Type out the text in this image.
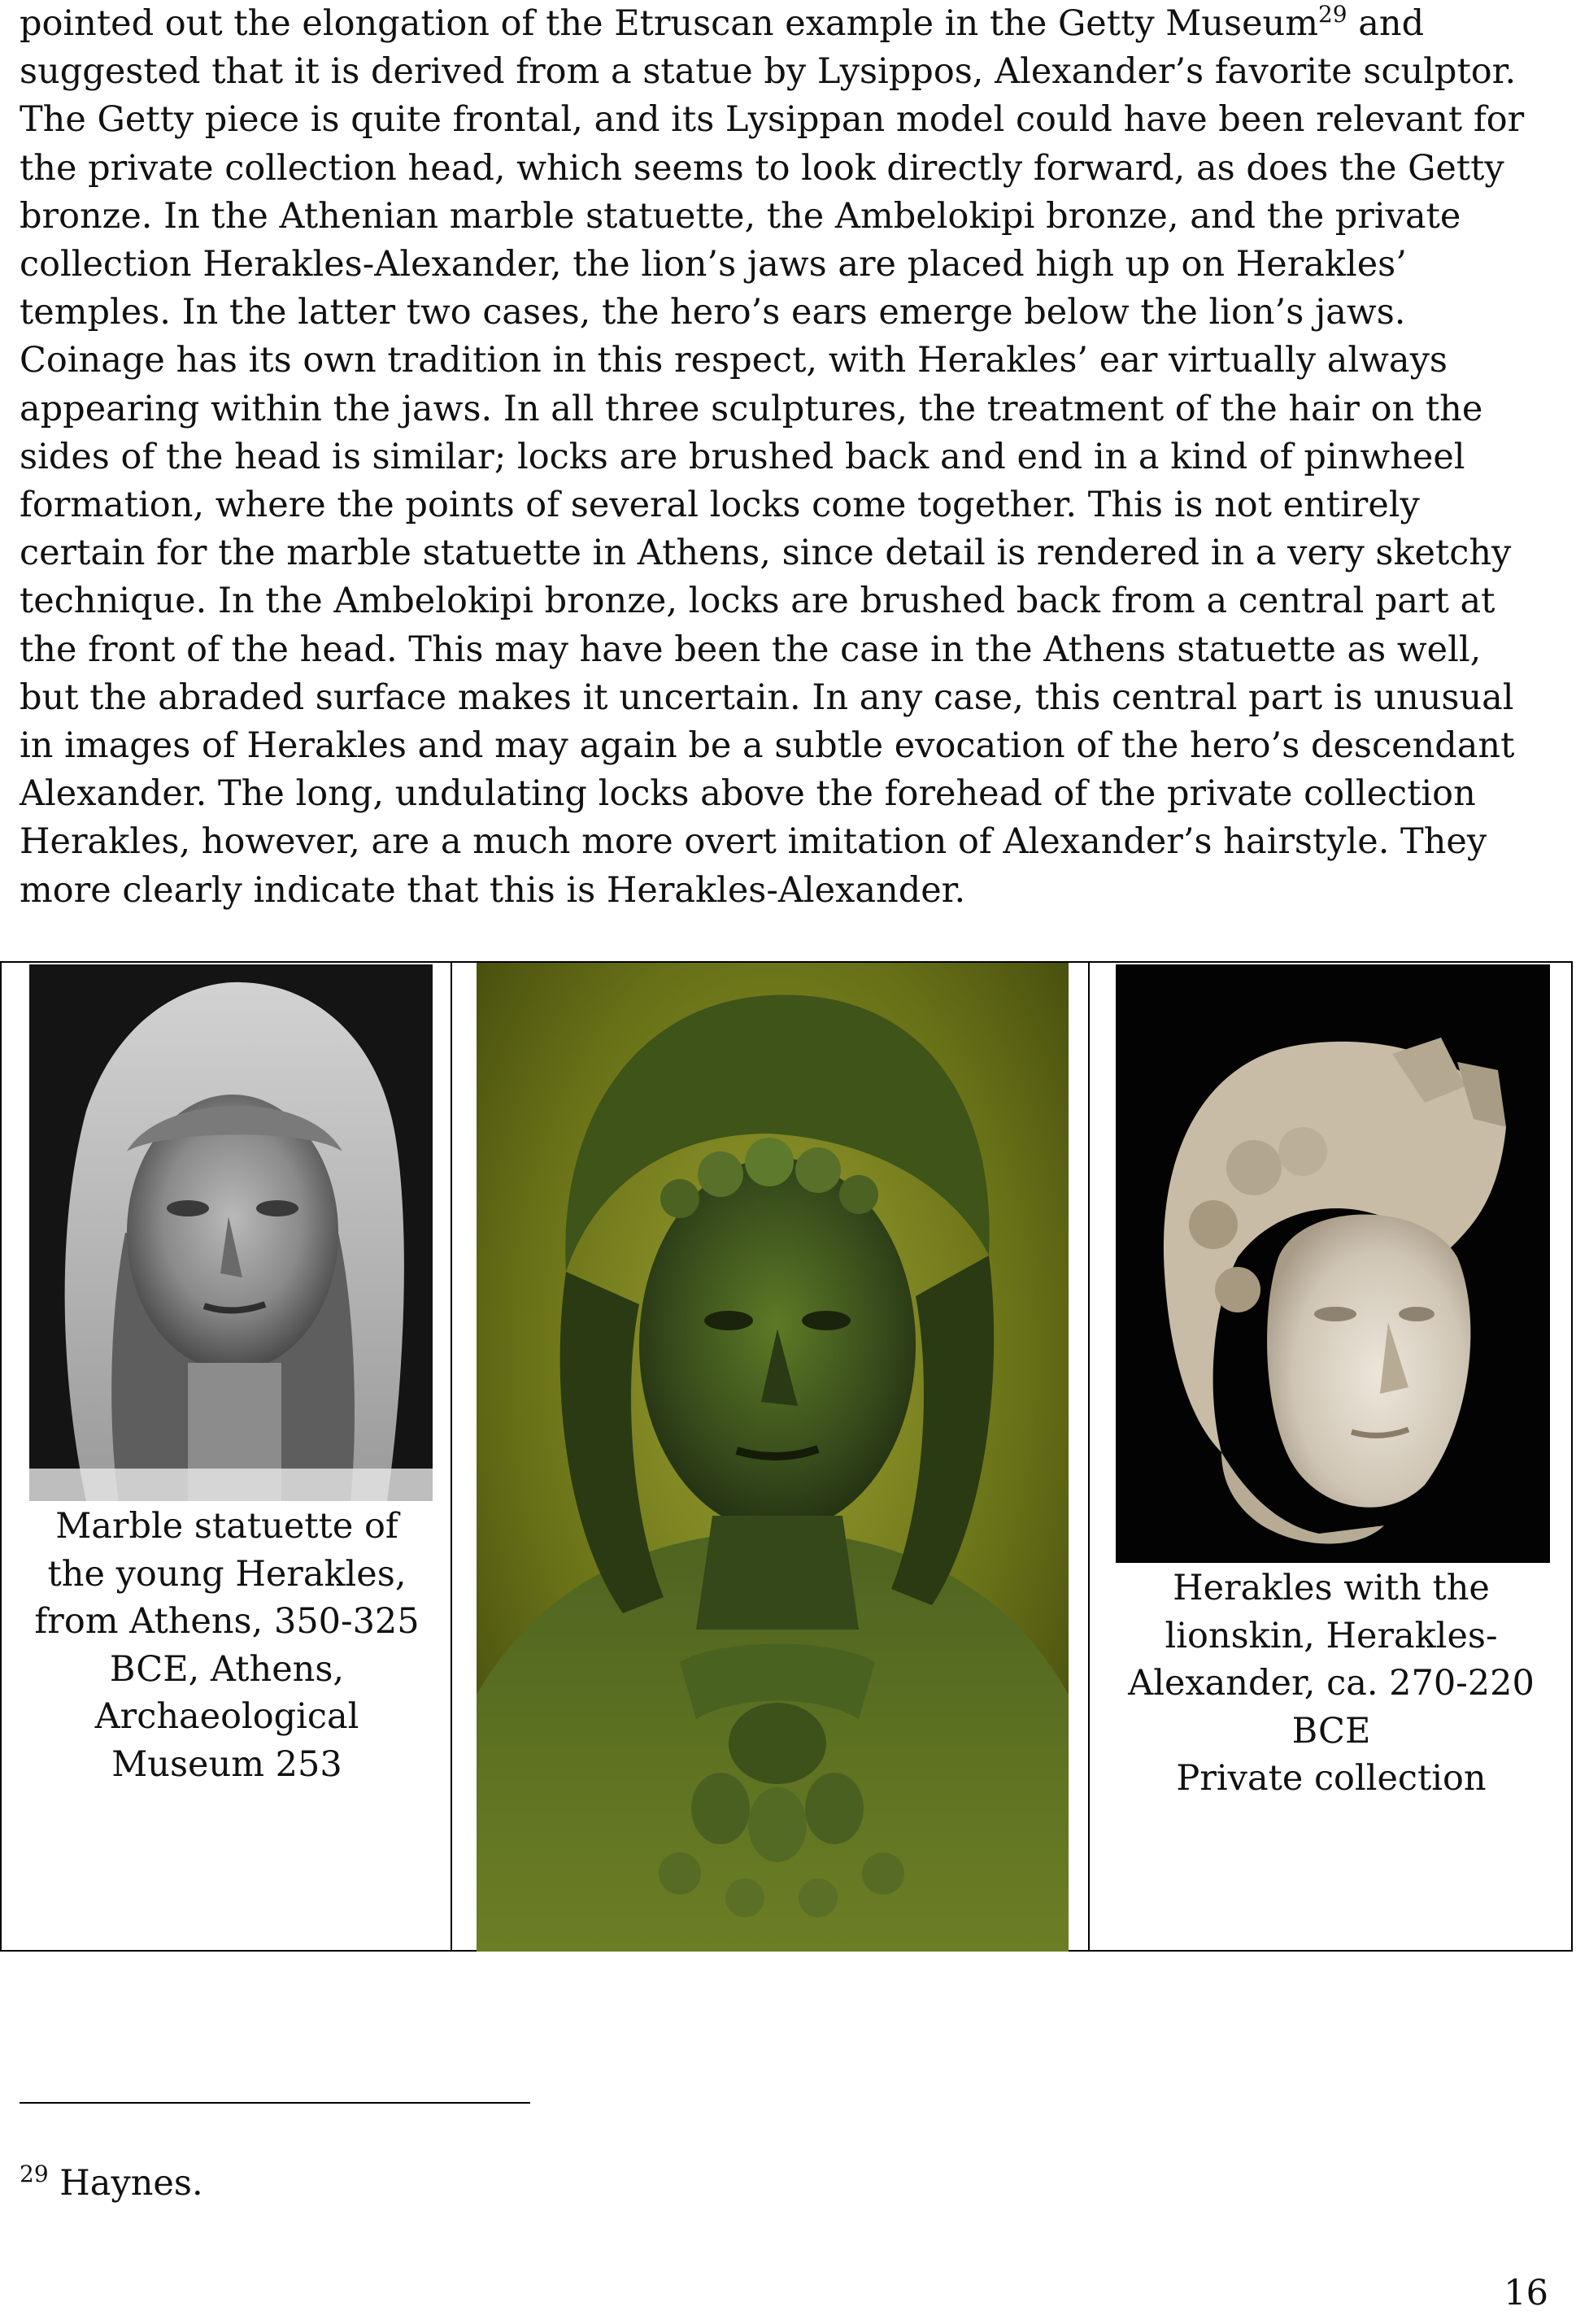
pointed out the elongation of the Etruscan example in the Getty Museum$^{29}$ and
suggested that it is derived from a statue by Lysippos, Alexander’s favorite sculptor.
The Getty piece is quite frontal, and its Lysippan model could have been relevant for
the private collection head, which seems to look directly forward, as does the Getty
bronze. In the Athenian marble statuette, the Ambelokipi bronze, and the private
collection Herakles-Alexander, the lion’s jaws are placed high up on Herakles’
temples. In the latter two cases, the hero’s ears emerge below the lion’s jaws.
Coinage has its own tradition in this respect, with Herakles’ ear virtually always
appearing within the jaws. In all three sculptures, the treatment of the hair on the
sides of the head is similar; locks are brushed back and end in a kind of pinwheel
formation, where the points of several locks come together. This is not entirely
certain for the marble statuette in Athens, since detail is rendered in a very sketchy
technique. In the Ambelokipi bronze, locks are brushed back from a central part at
the front of the head. This may have been the case in the Athens statuette as well,
but the abraded surface makes it uncertain. In any case, this central part is unusual
in images of Herakles and may again be a subtle evocation of the hero’s descendant
Alexander. The long, undulating locks above the forehead of the private collection
Herakles, however, are a much more overt imitation of Alexander’s hairstyle. They
more clearly indicate that this is Herakles-Alexander.

Marble statuette of
the young Herakles,
from Athens, 350-325
BCE, Athens,
Archaeological
Museum 253
Herakles with the
lionskin, Herakles-
Alexander, ca. 270-220
BCE
Private collection
$^{29}$ Haynes.
16
